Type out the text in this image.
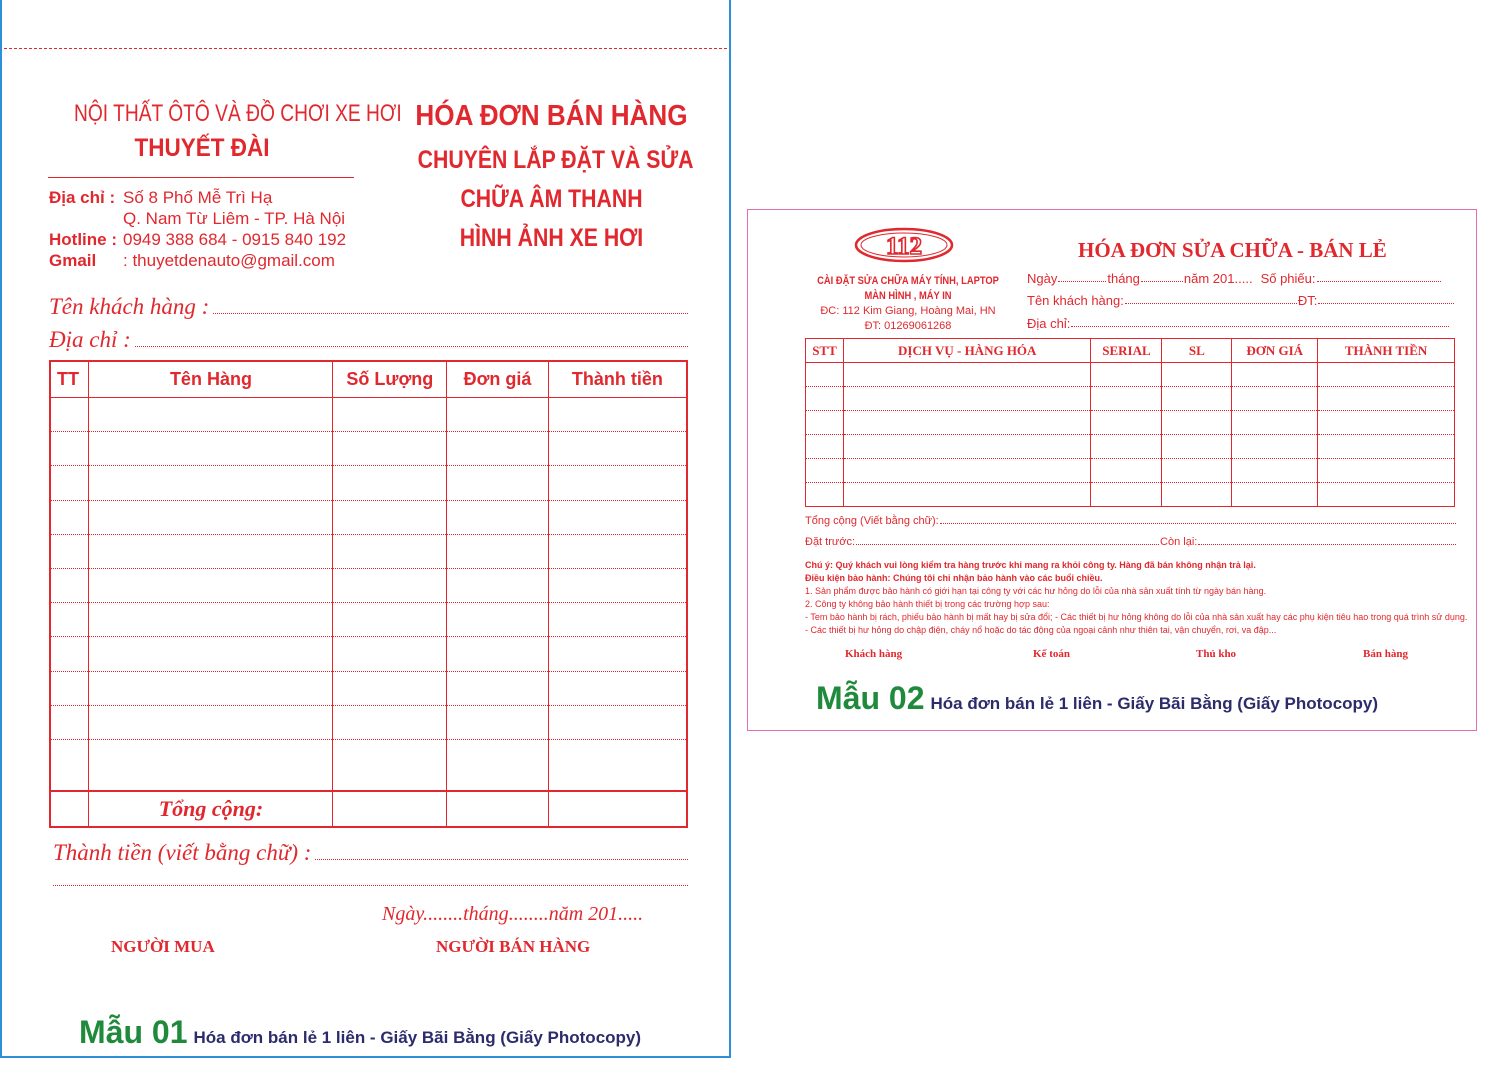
NỘI THẤT ÔTÔ VÀ ĐỒ CHƠI XE HƠI
THUYẾT ĐÀI
Địa chỉ : Số 8 Phố Mễ Trì Hạ
Q. Nam Từ Liêm - TP. Hà Nội
Hotline : 0949 388 684 - 0915 840 192
Gmail	: thuyetdenauto@gmail.com
HÓA ĐƠN BÁN HÀNG
CHUYÊN LẮP ĐẶT VÀ SỬA
CHỮA ÂM THANH
HÌNH ẢNH XE HƠI
Tên khách hàng :
Địa chỉ :
TT	Tên Hàng	Số Lượng	Đơn giá	Thành tiền

	Tổng cộng:			
Thành tiền (viết bằng chữ) :
Ngày........tháng........năm 201.....
NGƯỜI MUA	NGƯỜI BÁN HÀNG
Mẫu 01 Hóa đơn bán lẻ 1 liên - Giấy Bãi Bằng (Giấy Photocopy)
112
CÀI ĐẶT SỬA CHỮA MÁY TÍNH, LAPTOP
MÀN HÌNH , MÁY IN
ĐC: 112 Kim Giang, Hoàng Mai, HN
ĐT: 01269061268
HÓA ĐƠN SỬA CHỮA - BÁN LẺ
Ngày	tháng	năm 201..... Số phiếu:
Tên khách hàng:	ĐT:
Địa chỉ:
STT	DỊCH VỤ - HÀNG HÓA	SERIAL	SL	ĐƠN GIÁ	THÀNH TIỀN

Tổng cộng (Viết bằng chữ):
Đặt trước:	Còn lại:
Chú ý: Quý khách vui lòng kiểm tra hàng trước khi mang ra khỏi công ty. Hàng đã bán không nhận trả lại.
Điều kiện bảo hành: Chúng tôi chỉ nhận bảo hành vào các buổi chiều.
1. Sản phẩm được bảo hành có giới hạn tại công ty với các hư hỏng do lỗi của nhà sản xuất tính từ ngày bán hàng.
2. Công ty không bảo hành thiết bị trong các trường hợp sau:
- Tem bảo hành bị rách, phiếu bảo hành bị mất hay bị sửa đổi; - Các thiết bị hư hỏng không do lỗi của nhà sản xuất hay các phụ kiện tiêu hao trong quá trình sử dụng.
- Các thiết bị hư hỏng do chập điện, cháy nổ hoặc do tác động của ngoại cảnh như thiên tai, vận chuyển, rơi, va đập...
Khách hàng	Kế toán	Thủ kho	Bán hàng
Mẫu 02 Hóa đơn bán lẻ 1 liên - Giấy Bãi Bằng (Giấy Photocopy)
